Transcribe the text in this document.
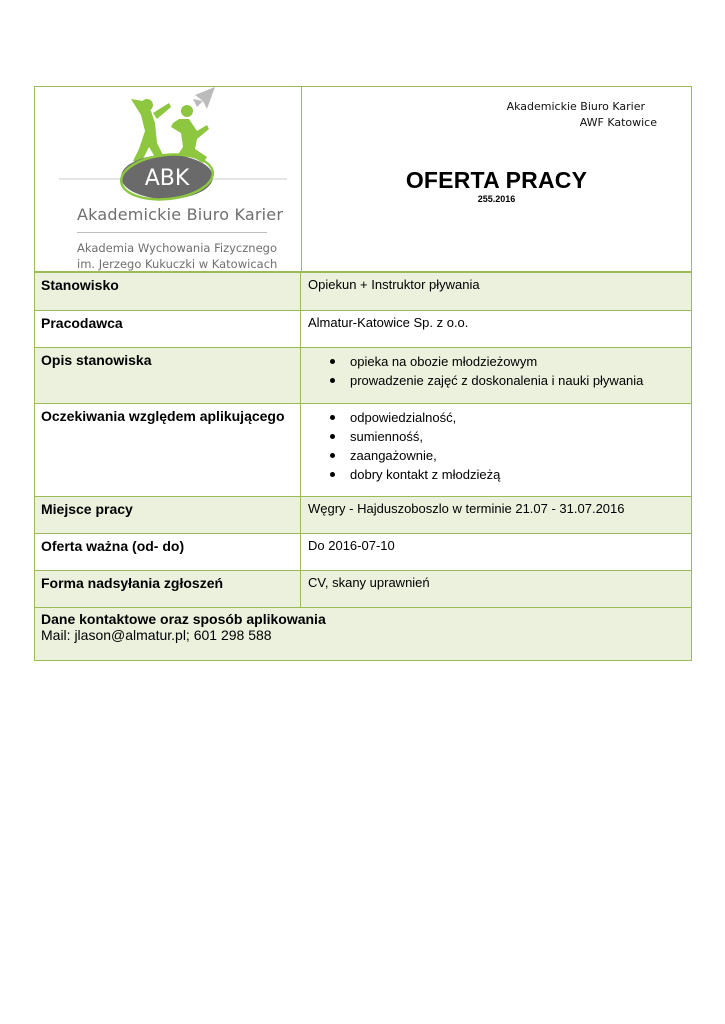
ABK
Akademickie Biuro Karier
Akademia Wychowania Fizycznego
im. Jerzego Kukuczki w Katowicach
Akademickie Biuro Karier
AWF Katowice
OFERTA PRACY
255.2016
Stanowisko	Opiekun + Instruktor pływania
Pracodawca	Almatur-Katowice Sp. z o.o.
Opis stanowiska	opieka na obozie młodzieżowym
prowadzenie zajęć z doskonalenia i nauki pływania
Oczekiwania względem aplikującego	odpowiedzialność,
sumiennośś,
zaangażownie,
dobry kontakt z młodzieżą
Miejsce pracy	Węgry - Hajduszoboszlo w terminie 21.07 - 31.07.2016
Oferta ważna (od- do)	Do 2016-07-10
Forma nadsyłania zgłoszeń	CV, skany uprawnień
Dane kontaktowe oraz sposób aplikowania
Mail: jlason@almatur.pl; 601 298 588
